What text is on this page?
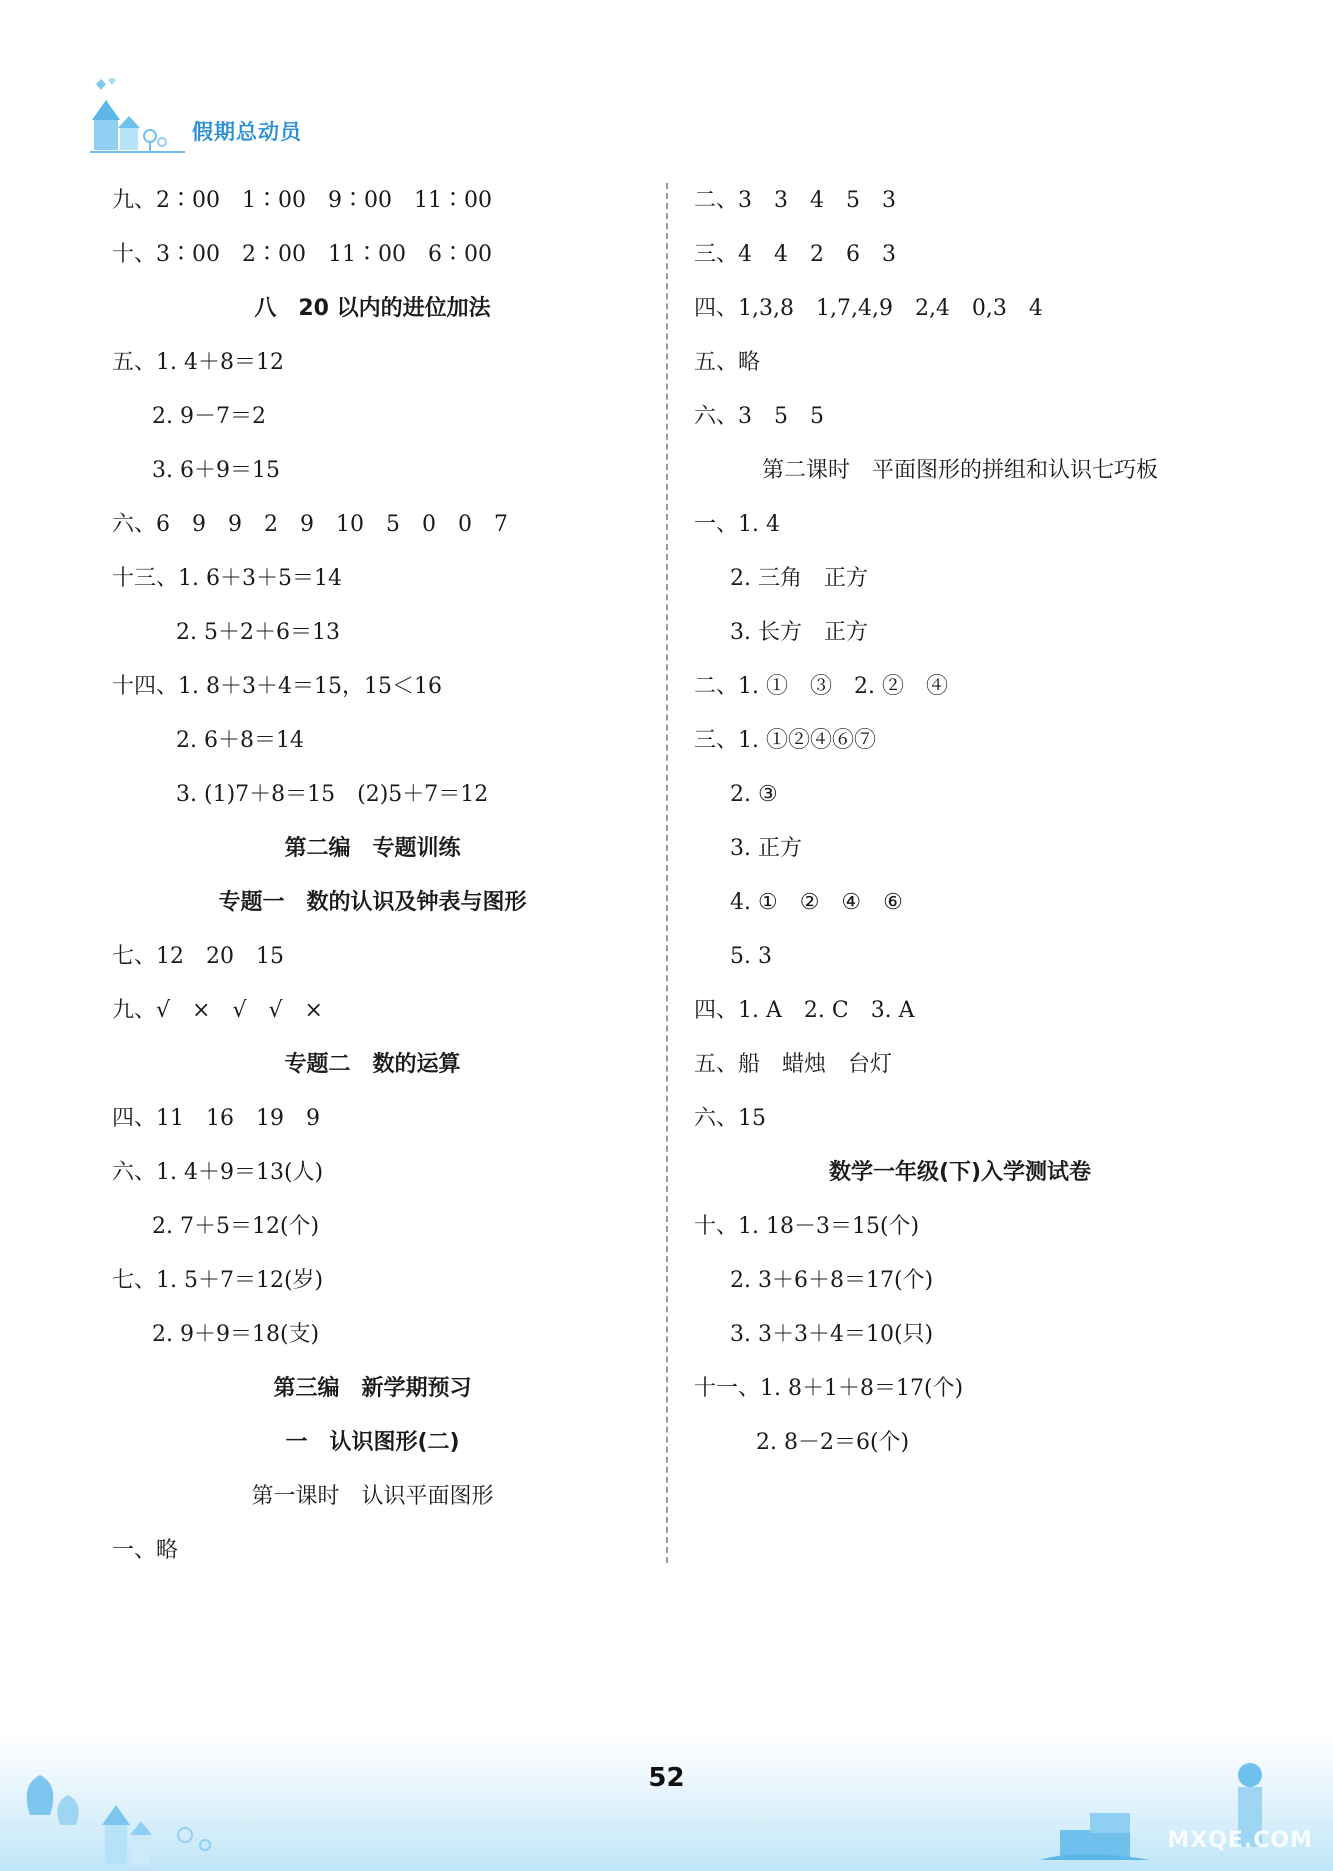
假期总动员
九、2∶00　1∶00　9∶00　11∶00
十、3∶00　2∶00　11∶00　6∶00
八　20 以内的进位加法
五、1. 4＋8＝12
2. 9－7＝2
3. 6＋9＝15
六、6　9　9　2　9　10　5　0　0　7
十三、1. 6＋3＋5＝14
2. 5＋2＋6＝13
十四、1. 8＋3＋4＝15，15＜16
2. 6＋8＝14
3. (1)7＋8＝15　(2)5＋7＝12
第二编　专题训练
专题一　数的认识及钟表与图形
七、12　20　15
九、√　×　√　√　×
专题二　数的运算
四、11　16　19　9
六、1. 4＋9＝13(人)
2. 7＋5＝12(个)
七、1. 5＋7＝12(岁)
2. 9＋9＝18(支)
第三编　新学期预习
一　认识图形(二)
第一课时　认识平面图形
一、略
二、3　3　4　5　3
三、4　4　2　6　3
四、1,3,8　1,7,4,9　2,4　0,3　4
五、略
六、3　5　5
第二课时　平面图形的拼组和认识七巧板
一、1. 4
2. 三角　正方
3. 长方　正方
二、1. ①　③　2. ②　④
三、1. ①②④⑥⑦
2. ③
3. 正方
4. ①　②　④　⑥
5. 3
四、1. A　2. C　3. A
五、船　蜡烛　台灯
六、15
数学一年级(下)入学测试卷
十、1. 18－3＝15(个)
2. 3＋6＋8＝17(个)
3. 3＋3＋4＝10(只)
十一、1. 8＋1＋8＝17(个)
2. 8－2＝6(个)
52
MXQE.COM
